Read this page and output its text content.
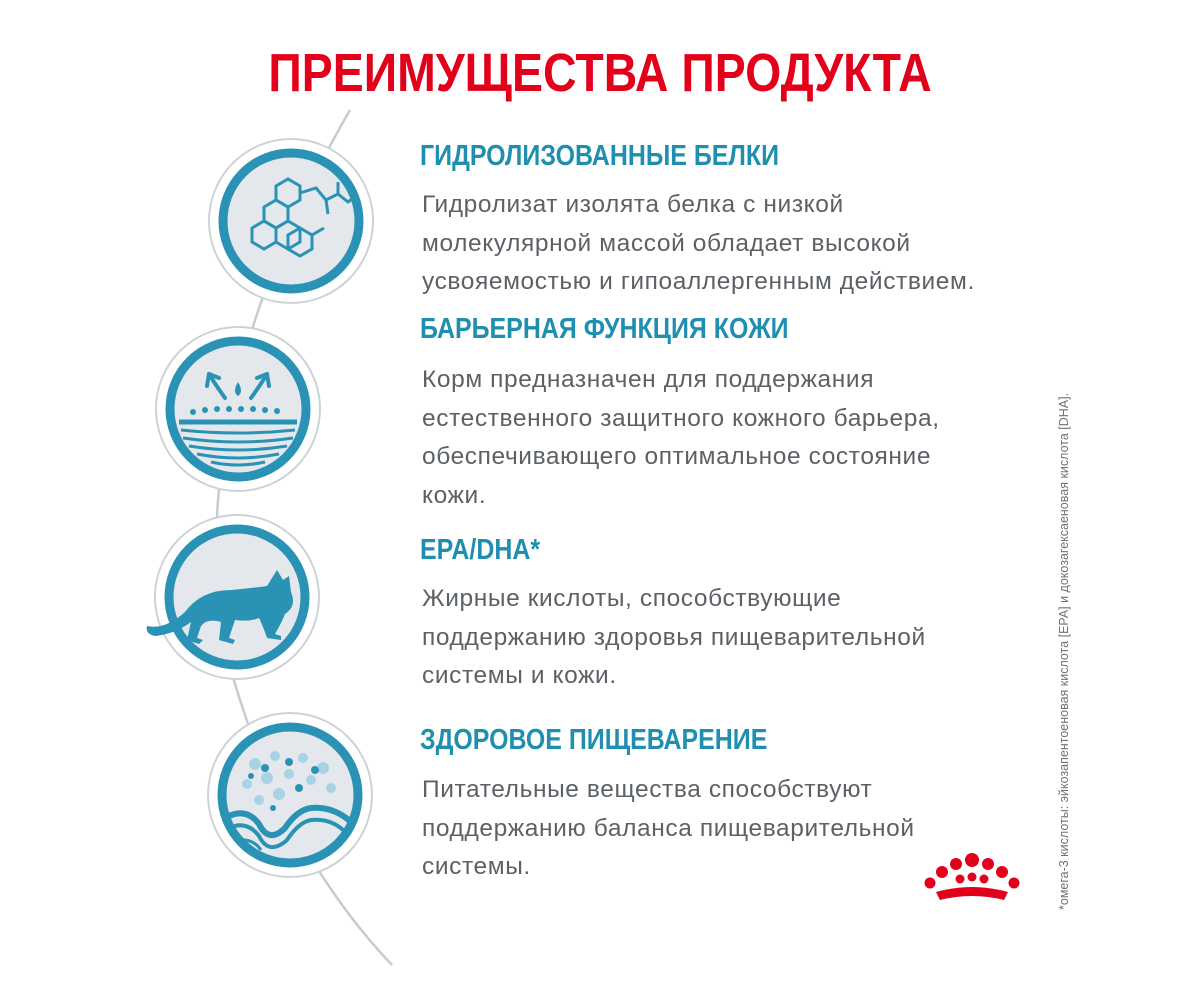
ПРЕИМУЩЕСТВА ПРОДУКТА
ГИДРОЛИЗОВАННЫЕ БЕЛКИ

Гидролизат изолята белка с низкой
молекулярной массой обладает высокой
усвояемостью и гипоаллергенным действием.

БАРЬЕРНАЯ ФУНКЦИЯ КОЖИ

Корм предназначен для поддержания
естественного защитного кожного барьера,
обеспечивающего оптимальное состояние
кожи.

EPA/DHA*

Жирные кислоты, способствующие
поддержанию здоровья пищеварительной
системы и кожи.

ЗДОРОВОЕ ПИЩЕВАРЕНИЕ

Питательные вещества способствуют
поддержанию баланса пищеварительной
системы.	*омега-3 кислоты: эйкозапентоеновая кислота [EPA] и докозагексаеновая кислота [DHA].
